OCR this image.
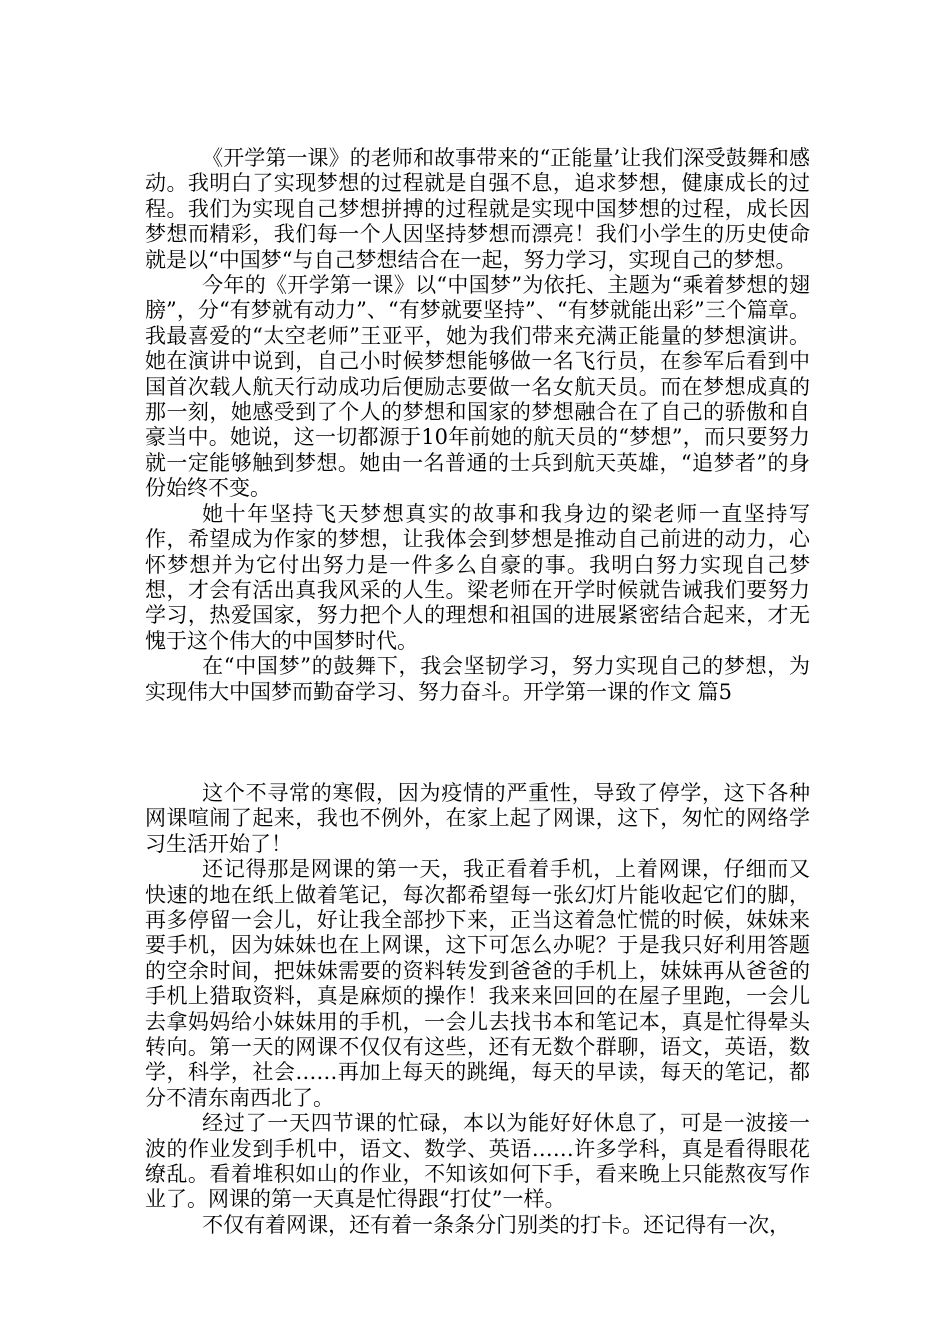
《开学第一课》的老师和故事带来的“正能量’让我们深受鼓舞和感动。我明白了实现梦想的过程就是自强不息，追求梦想，健康成长的过程。我们为实现自己梦想拼搏的过程就是实现中国梦想的过程，成长因梦想而精彩，我们每一个人因坚持梦想而漂亮！我们小学生的历史使命就是以“中国梦“与自己梦想结合在一起，努力学习，实现自己的梦想。

今年的《开学第一课》以“中国梦”为依托、主题为“乘着梦想的翅膀”，分“有梦就有动力”、“有梦就要坚持”、“有梦就能出彩”三个篇章。我最喜爱的“太空老师”王亚平，她为我们带来充满正能量的梦想演讲。她在演讲中说到，自己小时候梦想能够做一名飞行员，在参军后看到中国首次载人航天行动成功后便励志要做一名女航天员。而在梦想成真的那一刻，她感受到了个人的梦想和国家的梦想融合在了自己的骄傲和自豪当中。她说，这一切都源于10年前她的航天员的“梦想”，而只要努力就一定能够触到梦想。她由一名普通的士兵到航天英雄，“追梦者”的身份始终不变。

她十年坚持飞天梦想真实的故事和我身边的梁老师一直坚持写作，希望成为作家的梦想，让我体会到梦想是推动自己前进的动力，心怀梦想并为它付出努力是一件多么自豪的事。我明白努力实现自己梦想，才会有活出真我风采的人生。梁老师在开学时候就告诫我们要努力学习，热爱国家，努力把个人的理想和祖国的进展紧密结合起来，才无愧于这个伟大的中国梦时代。

在“中国梦”的鼓舞下，我会坚韧学习，努力实现自己的梦想，为实现伟大中国梦而勤奋学习、努力奋斗。开学第一课的作文 篇5

这个不寻常的寒假，因为疫情的严重性，导致了停学，这下各种网课喧闹了起来，我也不例外，在家上起了网课，这下，匆忙的网络学习生活开始了！

还记得那是网课的第一天，我正看着手机，上着网课，仔细而又快速的地在纸上做着笔记，每次都希望每一张幻灯片能收起它们的脚，再多停留一会儿，好让我全部抄下来，正当这着急忙慌的时候，妹妹来要手机，因为妹妹也在上网课，这下可怎么办呢？于是我只好利用答题的空余时间，把妹妹需要的资料转发到爸爸的手机上，妹妹再从爸爸的手机上猎取资料，真是麻烦的操作！我来来回回的在屋子里跑，一会儿去拿妈妈给小妹妹用的手机，一会儿去找书本和笔记本，真是忙得晕头转向。第一天的网课不仅仅有这些，还有无数个群聊，语文，英语，数学，科学，社会……再加上每天的跳绳，每天的早读，每天的笔记，都分不清东南西北了。

经过了一天四节课的忙碌，本以为能好好休息了，可是一波接一波的作业发到手机中，语文、数学、英语……许多学科，真是看得眼花缭乱。看着堆积如山的作业，不知该如何下手，看来晚上只能熬夜写作业了。网课的第一天真是忙得跟“打仗”一样。

不仅有着网课，还有着一条条分门别类的打卡。还记得有一次，
